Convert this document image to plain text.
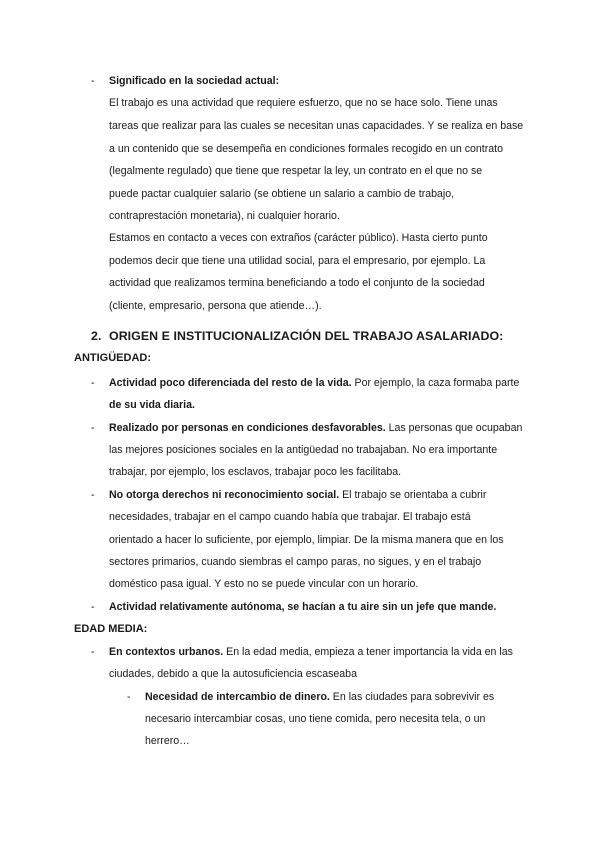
- Significado en la sociedad actual:
El trabajo es una actividad que requiere esfuerzo, que no se hace solo. Tiene unas
tareas que realizar para las cuales se necesitan unas capacidades. Y se realiza en base
a un contenido que se desempeña en condiciones formales recogido en un contrato
(legalmente regulado) que tiene que respetar la ley, un contrato en el que no se
puede pactar cualquier salario (se obtiene un salario a cambio de trabajo,
contraprestación monetaria), ni cualquier horario.
Estamos en contacto a veces con extraños (carácter público). Hasta cierto punto
podemos decir que tiene una utilidad social, para el empresario, por ejemplo. La
actividad que realizamos termina beneficiando a todo el conjunto de la sociedad
(cliente, empresario, persona que atiende…).
2. ORIGEN E INSTITUCIONALIZACIÓN DEL TRABAJO ASALARIADO:
ANTIGÜEDAD:
- Actividad poco diferenciada del resto de la vida. Por ejemplo, la caza formaba parte
de su vida diaria.
- Realizado por personas en condiciones desfavorables. Las personas que ocupaban
las mejores posiciones sociales en la antigüedad no trabajaban. No era importante
trabajar, por ejemplo, los esclavos, trabajar poco les facilitaba.
- No otorga derechos ni reconocimiento social. El trabajo se orientaba a cubrir
necesidades, trabajar en el campo cuando había que trabajar. El trabajo está
orientado a hacer lo suficiente, por ejemplo, limpiar. De la misma manera que en los
sectores primarios, cuando siembras el campo paras, no sigues, y en el trabajo
doméstico pasa igual. Y esto no se puede vincular con un horario.
- Actividad relativamente autónoma, se hacían a tu aire sin un jefe que mande.
EDAD MEDIA:
- En contextos urbanos. En la edad media, empieza a tener importancia la vida en las
ciudades, debido a que la autosuficiencia escaseaba
- Necesidad de intercambio de dinero. En las ciudades para sobrevivir es
necesario intercambiar cosas, uno tiene comida, pero necesita tela, o un
herrero…
